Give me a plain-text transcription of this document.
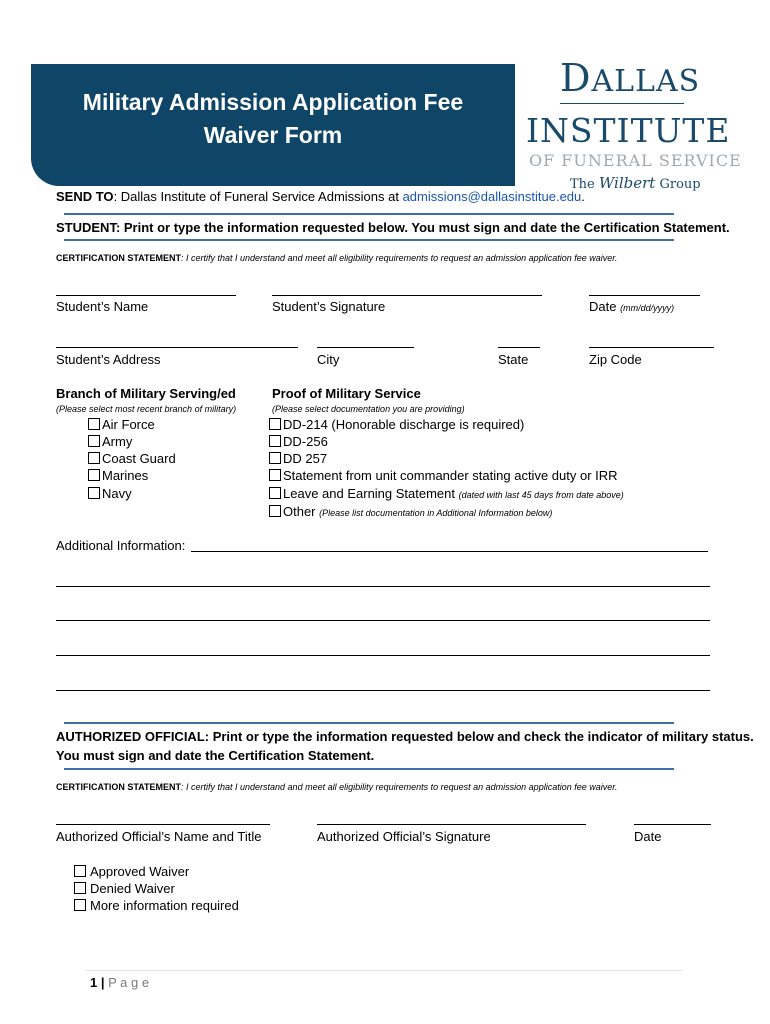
Military Admission Application Fee
Waiver Form
DALLAS
INSTITUTE
OF FUNERAL SERVICE
The Wilbert Group
SEND TO: Dallas Institute of Funeral Service Admissions at admissions@dallasinstitue.edu.
STUDENT: Print or type the information requested below. You must sign and date the Certification Statement.
CERTIFICATION STATEMENT: I certify that I understand and meet all eligibility requirements to request an admission application fee waiver.
Student’s Name	Student’s Signature	Date (mm/dd/yyyy)
Student’s Address	City	State	Zip Code
Branch of Military Serving/ed
(Please select most recent branch of military)
Air Force
Army
Coast Guard
Marines
Navy
Proof of Military Service
(Please select documentation you are providing)
DD-214 (Honorable discharge is required)
DD-256
DD 257
Statement from unit commander stating active duty or IRR
Leave and Earning Statement (dated with last 45 days from date above)
Other (Please list documentation in Additional Information below)
Additional Information:
AUTHORIZED OFFICIAL: Print or type the information requested below and check the indicator of military status.
You must sign and date the Certification Statement.
CERTIFICATION STATEMENT: I certify that I understand and meet all eligibility requirements to request an admission application fee waiver.
Authorized Official’s Name and Title	Authorized Official’s Signature	Date
Approved Waiver
Denied Waiver
More information required
1 | P a g e
